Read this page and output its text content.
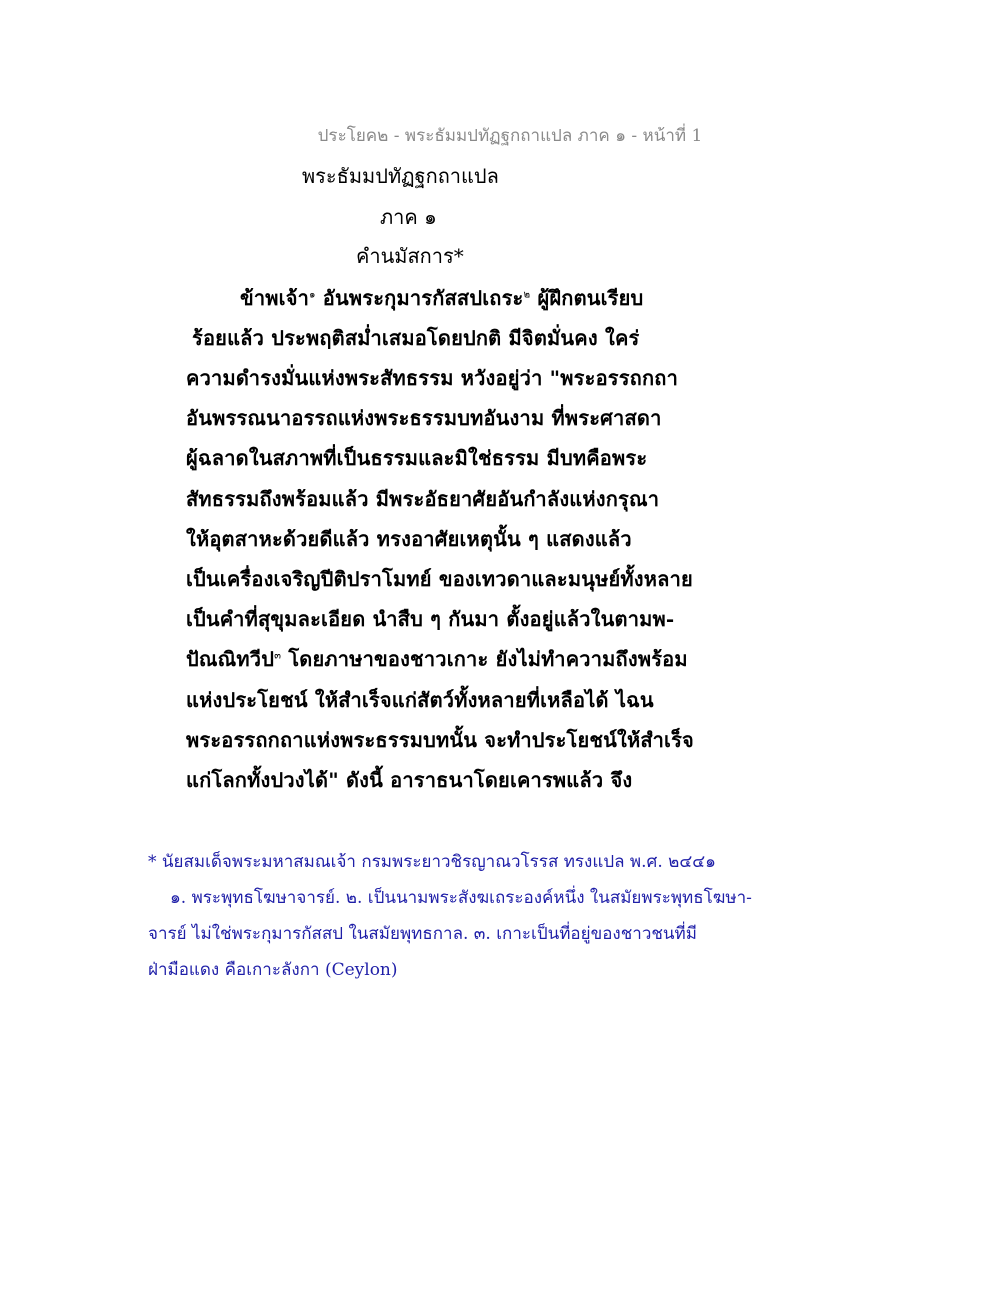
ประโยค๒ - พระธัมมปทัฏฐกถาแปล ภาค ๑ - หน้าที่ 1
พระธัมมปทัฏฐกถาแปล
ภาค ๑
คำนมัสการ*
ข้าพเจ้า$^๑$ อันพระกุมารกัสสปเถระ$^๒$ ผู้ฝึกตนเรียบ
ร้อยแล้ว ประพฤติสม่ำเสมอโดยปกติ มีจิตมั่นคง ใคร่
ความดำรงมั่นแห่งพระสัทธรรม หวังอยู่ว่า "พระอรรถกถา
อันพรรณนาอรรถแห่งพระธรรมบทอันงาม ที่พระศาสดา
ผู้ฉลาดในสภาพที่เป็นธรรมและมิใช่ธรรม มีบทคือพระ
สัทธรรมถึงพร้อมแล้ว มีพระอัธยาศัยอันกำลังแห่งกรุณา
ให้อุตสาหะด้วยดีแล้ว ทรงอาศัยเหตุนั้น ๆ แสดงแล้ว
เป็นเครื่องเจริญปีติปราโมทย์ ของเทวดาและมนุษย์ทั้งหลาย
เป็นคำที่สุขุมละเอียด นำสืบ ๆ กันมา ตั้งอยู่แล้วในตามพ-
ปัณณิทวีป$^๓$ โดยภาษาของชาวเกาะ ยังไม่ทำความถึงพร้อม
แห่งประโยชน์ ให้สำเร็จแก่สัตว์ทั้งหลายที่เหลือได้ ไฉน
พระอรรถกถาแห่งพระธรรมบทนั้น จะทำประโยชน์ให้สำเร็จ
แก่โลกทั้งปวงได้" ดังนี้ อาราธนาโดยเคารพแล้ว จึง
* นัยสมเด็จพระมหาสมณเจ้า กรมพระยาวชิรญาณวโรรส ทรงแปล พ.ศ. ๒๔๔๑
๑. พระพุทธโฆษาจารย์. ๒. เป็นนามพระสังฆเถระองค์หนึ่ง ในสมัยพระพุทธโฆษา-
จารย์ ไม่ใช่พระกุมารกัสสป ในสมัยพุทธกาล. ๓. เกาะเป็นที่อยู่ของชาวชนที่มี
ฝ่ามือแดง คือเกาะลังกา (Ceylon)
